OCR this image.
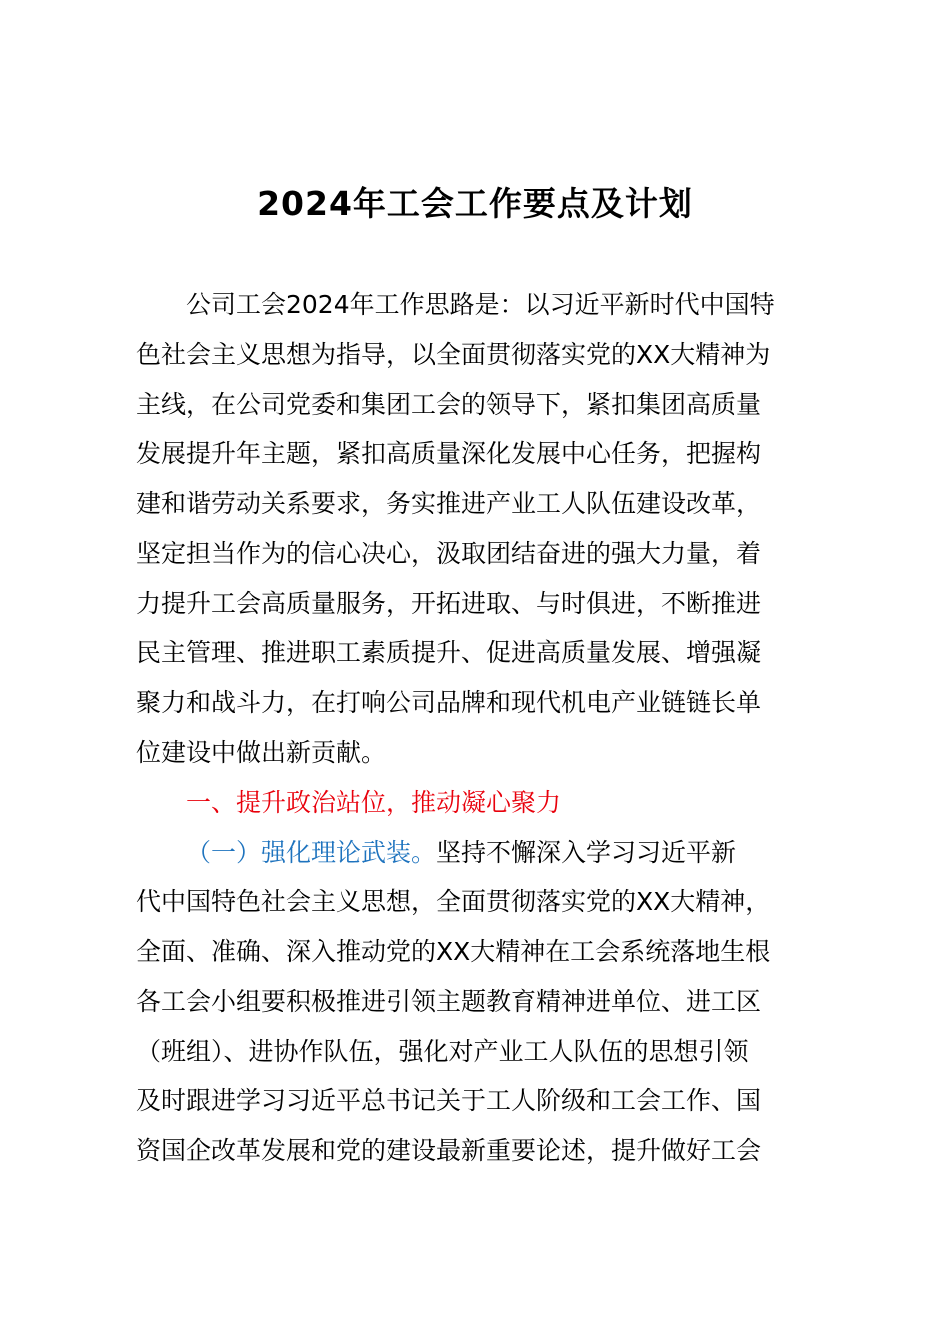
2024年工会工作要点及计划
公司工会2024年工作思路是：以习近平新时代中国特
色社会主义思想为指导，以全面贯彻落实党的XX大精神为
主线，在公司党委和集团工会的领导下，紧扣集团高质量
发展提升年主题，紧扣高质量深化发展中心任务，把握构
建和谐劳动关系要求，务实推进产业工人队伍建设改革，
坚定担当作为的信心决心，汲取团结奋进的强大力量，着
力提升工会高质量服务，开拓进取、与时俱进，不断推进
民主管理、推进职工素质提升、促进高质量发展、增强凝
聚力和战斗力，在打响公司品牌和现代机电产业链链长单
位建设中做出新贡献。
一、提升政治站位，推动凝心聚力
（一）强化理论武装。坚持不懈深入学习习近平新
代中国特色社会主义思想，全面贯彻落实党的XX大精神，
全面、准确、深入推动党的XX大精神在工会系统落地生根
各工会小组要积极推进引领主题教育精神进单位、进工区
（班组）、进协作队伍，强化对产业工人队伍的思想引领
及时跟进学习习近平总书记关于工人阶级和工会工作、国
资国企改革发展和党的建设最新重要论述，提升做好工会
